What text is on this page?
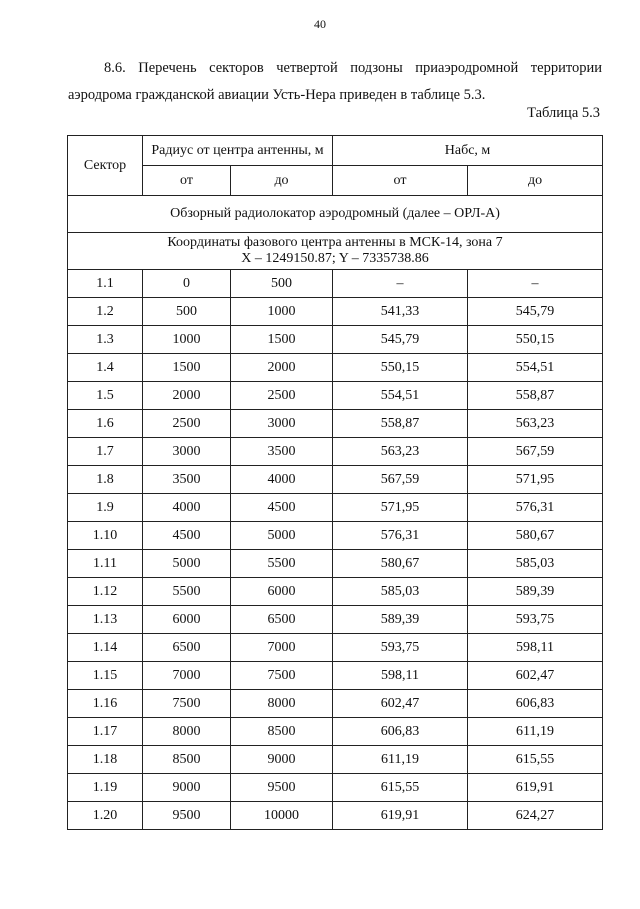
40
8.6. Перечень секторов четвертой подзоны приаэродромной территории аэродрома гражданской авиации Усть-Нера приведен в таблице 5.3.
Таблица 5.3
Сектор	Радиус от центра антенны, м		Набс, м	
	от	до	от	до
Обзорный радиолокатор аэродромный (далее – ОРЛ-А)				

Координаты фазового центра антенны в МСК-14, зона 7
X – 1249150.87; Y – 7335738.86				

1.1	0	500	–	–
1.2	500	1000	541,33	545,79
1.3	1000	1500	545,79	550,15
1.4	1500	2000	550,15	554,51
1.5	2000	2500	554,51	558,87
1.6	2500	3000	558,87	563,23
1.7	3000	3500	563,23	567,59
1.8	3500	4000	567,59	571,95
1.9	4000	4500	571,95	576,31
1.10	4500	5000	576,31	580,67
1.11	5000	5500	580,67	585,03
1.12	5500	6000	585,03	589,39
1.13	6000	6500	589,39	593,75
1.14	6500	7000	593,75	598,11
1.15	7000	7500	598,11	602,47
1.16	7500	8000	602,47	606,83
1.17	8000	8500	606,83	611,19
1.18	8500	9000	611,19	615,55
1.19	9000	9500	615,55	619,91
1.20	9500	10000	619,91	624,27
